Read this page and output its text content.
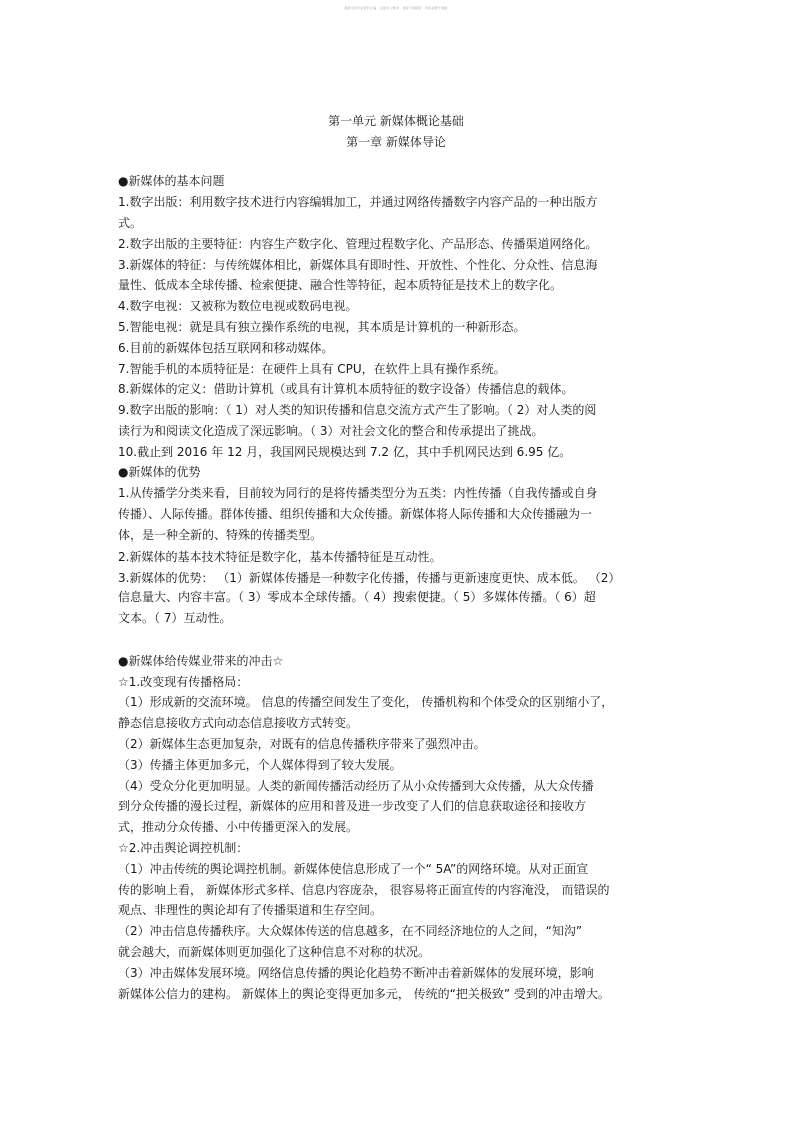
最新文档专业资料汇编 · 仅供学习参考 · 欢迎下载阅读 · 内容来源于网络
第一单元 新媒体概论基础
第一章 新媒体导论
●新媒体的基本问题
1.数字出版：利用数字技术进行内容编辑加工，并通过网络传播数字内容产品的一种出版方
式。
2.数字出版的主要特征：内容生产数字化、管理过程数字化、产品形态、传播渠道网络化。
3.新媒体的特征：与传统媒体相比，新媒体具有即时性、开放性、个性化、分众性、信息海
量性、低成本全球传播、检索便捷、融合性等特征，起本质特征是技术上的数字化。
4.数字电视：又被称为数位电视或数码电视。
5.智能电视：就是具有独立操作系统的电视，其本质是计算机的一种新形态。
6.目前的新媒体包括互联网和移动媒体。
7.智能手机的本质特征是：在硬件上具有 CPU，在软件上具有操作系统。
8.新媒体的定义：借助计算机（或具有计算机本质特征的数字设备）传播信息的载体。
9.数字出版的影响：（ 1）对人类的知识传播和信息交流方式产生了影响。（ 2）对人类的阅
读行为和阅读文化造成了深远影响。（ 3）对社会文化的整合和传承提出了挑战。
10.截止到 2016 年 12 月，我国网民规模达到 7.2 亿，其中手机网民达到 6.95 亿。
●新媒体的优势
1.从传播学分类来看，目前较为同行的是将传播类型分为五类：内性传播（自我传播或自身
传播）、人际传播。群体传播、组织传播和大众传播。新媒体将人际传播和大众传播融为一
体，是一种全新的、特殊的传播类型。
2.新媒体的基本技术特征是数字化，基本传播特征是互动性。
3.新媒体的优势： （1）新媒体传播是一种数字化传播，传播与更新速度更快、成本低。 （2）
信息量大、内容丰富。（ 3）零成本全球传播。（ 4）搜索便捷。（ 5）多媒体传播。（ 6）超
文本。（ 7）互动性。
●新媒体给传媒业带来的冲击☆
☆1.改变现有传播格局：
（1）形成新的交流环境。 信息的传播空间发生了变化， 传播机构和个体受众的区别缩小了，
静态信息接收方式向动态信息接收方式转变。
（2）新媒体生态更加复杂，对既有的信息传播秩序带来了强烈冲击。
（3）传播主体更加多元，个人媒体得到了较大发展。
（4）受众分化更加明显。人类的新闻传播活动经历了从小众传播到大众传播，从大众传播
到分众传播的漫长过程，新媒体的应用和普及进一步改变了人们的信息获取途径和接收方
式，推动分众传播、小中传播更深入的发展。
☆2.冲击舆论调控机制：
（1）冲击传统的舆论调控机制。新媒体使信息形成了一个“ 5A”的网络环境。从对正面宣
传的影响上看， 新媒体形式多样、信息内容庞杂， 很容易将正面宣传的内容淹没， 而错误的
观点、非理性的舆论却有了传播渠道和生存空间。
（2）冲击信息传播秩序。大众媒体传送的信息越多，在不同经济地位的人之间，“知沟”
就会越大，而新媒体则更加强化了这种信息不对称的状况。
（3）冲击媒体发展环境。网络信息传播的舆论化趋势不断冲击着新媒体的发展环境，影响
新媒体公信力的建构。 新媒体上的舆论变得更加多元， 传统的“把关极致” 受到的冲击增大。
